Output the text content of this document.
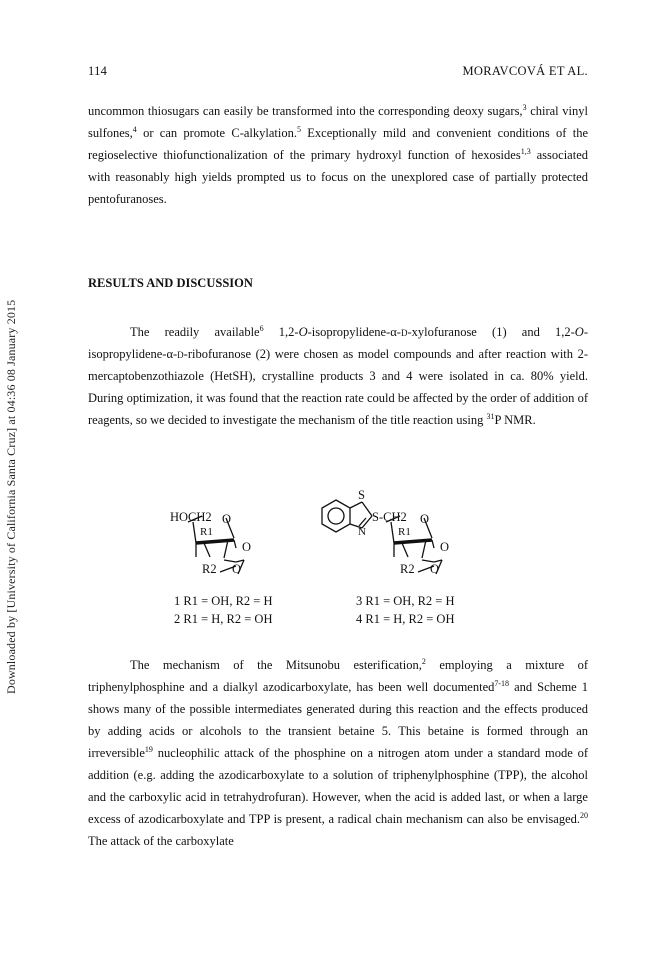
Downloaded by [University of California Santa Cruz] at 04:36 08 January 2015
114	MORAVCOVÁ ET AL.

uncommon thiosugars can easily be transformed into the corresponding deoxy sugars,$^3$ chiral vinyl sulfones,$^4$ or can promote C-alkylation.$^5$ Exceptionally mild and convenient conditions of the regioselective thiofunctionalization of the primary hydroxyl function of hexosides$^{1,3}$ associated with reasonably high yields prompted us to focus on the unexplored case of partially protected pentofuranoses.

RESULTS AND DISCUSSION

The readily available$^6$ 1,2-O-isopropylidene-α-d-xylofuranose (1) and 1,2-O-isopropylidene-α-d-ribofuranose (2) were chosen as model compounds and after reaction with 2-mercaptobenzothiazole (HetSH), crystalline products 3 and 4 were isolated in ca. 80% yield. During optimization, it was found that the reaction rate could be affected by the order of addition of reagents, so we decided to investigate the mechanism of the title reaction using $^{31}$P NMR.

HOCH2 O
R1
O
R2 O
S
N
S-CH2 O
R1
O
R2 O
1 R1 = OH, R2 = H
2 R1 = H, R2 = OH
3 R1 = OH, R2 = H
4 R1 = H, R2 = OH

The mechanism of the Mitsunobu esterification,$^2$ employing a mixture of triphenylphosphine and a dialkyl azodicarboxylate, has been well documented$^{7-18}$ and Scheme 1 shows many of the possible intermediates generated during this reaction and the effects produced by adding acids or alcohols to the transient betaine 5. This betaine is formed through an irreversible$^{19}$ nucleophilic attack of the phosphine on a nitrogen atom under a standard mode of addition (e.g. adding the azodicarboxylate to a solution of triphenylphosphine (TPP), the alcohol and the carboxylic acid in tetrahydrofuran). However, when the acid is added last, or when a large excess of azodicarboxylate and TPP is present, a radical chain mechanism can also be envisaged.$^{20}$ The attack of the carboxylate
